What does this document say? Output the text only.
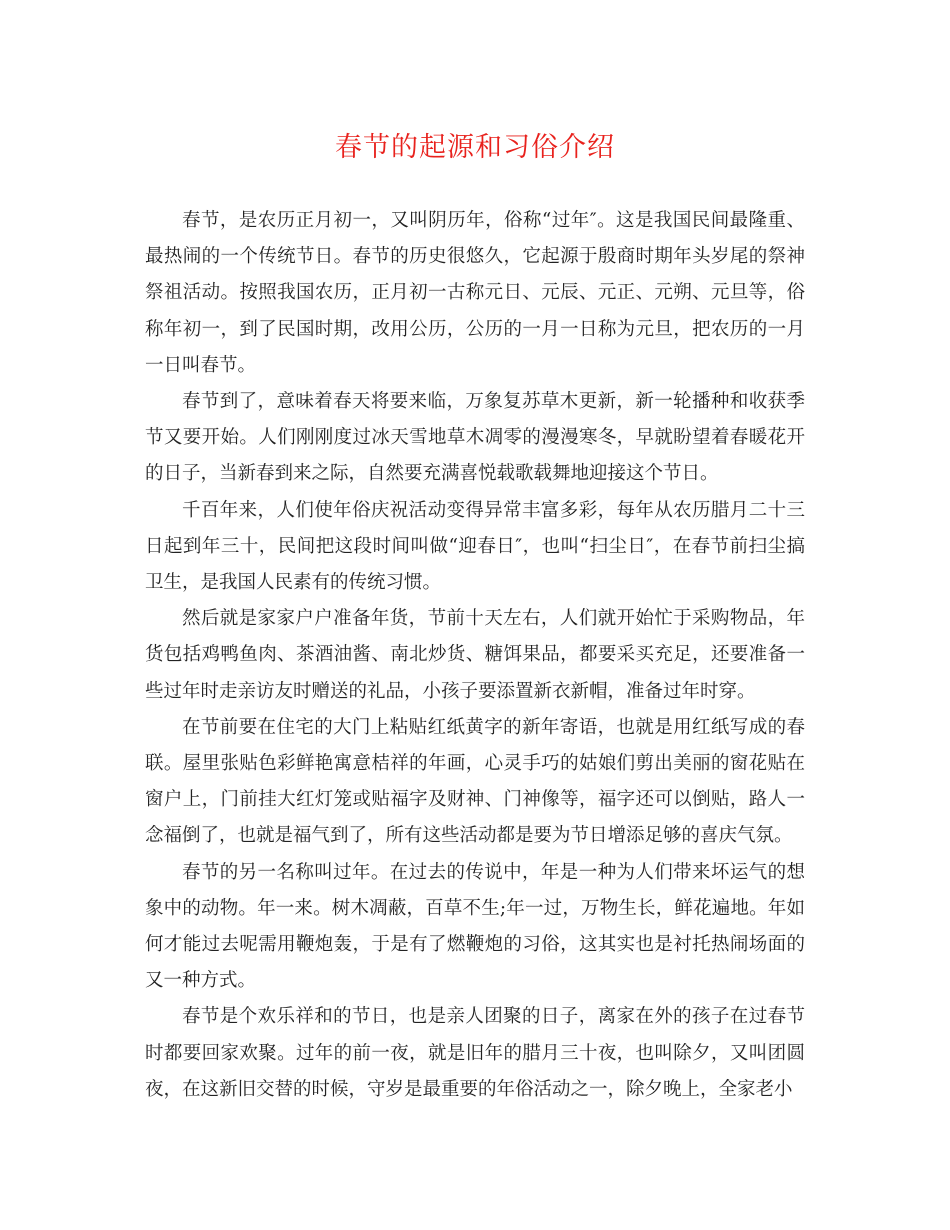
春节的起源和习俗介绍

春节，是农历正月初一，又叫阴历年，俗称“过年″。这是我国民间最隆重、最热闹的一个传统节日。春节的历史很悠久，它起源于殷商时期年头岁尾的祭神祭祖活动。按照我国农历，正月初一古称元日、元辰、元正、元朔、元旦等，俗称年初一，到了民国时期，改用公历，公历的一月一日称为元旦，把农历的一月一日叫春节。

春节到了，意味着春天将要来临，万象复苏草木更新，新一轮播种和收获季节又要开始。人们刚刚度过冰天雪地草木凋零的漫漫寒冬，早就盼望着春暖花开的日子，当新春到来之际，自然要充满喜悦载歌载舞地迎接这个节日。

千百年来，人们使年俗庆祝活动变得异常丰富多彩，每年从农历腊月二十三日起到年三十，民间把这段时间叫做“迎春日″，也叫“扫尘日″，在春节前扫尘搞卫生，是我国人民素有的传统习惯。

然后就是家家户户准备年货，节前十天左右，人们就开始忙于采购物品，年货包括鸡鸭鱼肉、茶酒油酱、南北炒货、糖饵果品，都要采买充足，还要准备一些过年时走亲访友时赠送的礼品，小孩子要添置新衣新帽，准备过年时穿。

在节前要在住宅的大门上粘贴红纸黄字的新年寄语，也就是用红纸写成的春联。屋里张贴色彩鲜艳寓意桔祥的年画，心灵手巧的姑娘们剪出美丽的窗花贴在窗户上，门前挂大红灯笼或贴福字及财神、门神像等，福字还可以倒贴，路人一念福倒了，也就是福气到了，所有这些活动都是要为节日增添足够的喜庆气氛。

春节的另一名称叫过年。在过去的传说中，年是一种为人们带来坏运气的想象中的动物。年一来。树木凋蔽，百草不生;年一过，万物生长，鲜花遍地。年如何才能过去呢需用鞭炮轰，于是有了燃鞭炮的习俗，这其实也是衬托热闹场面的又一种方式。

春节是个欢乐祥和的节日，也是亲人团聚的日子，离家在外的孩子在过春节时都要回家欢聚。过年的前一夜，就是旧年的腊月三十夜，也叫除夕，又叫团圆夜，在这新旧交替的时候，守岁是最重要的年俗活动之一，除夕晚上，全家老小
